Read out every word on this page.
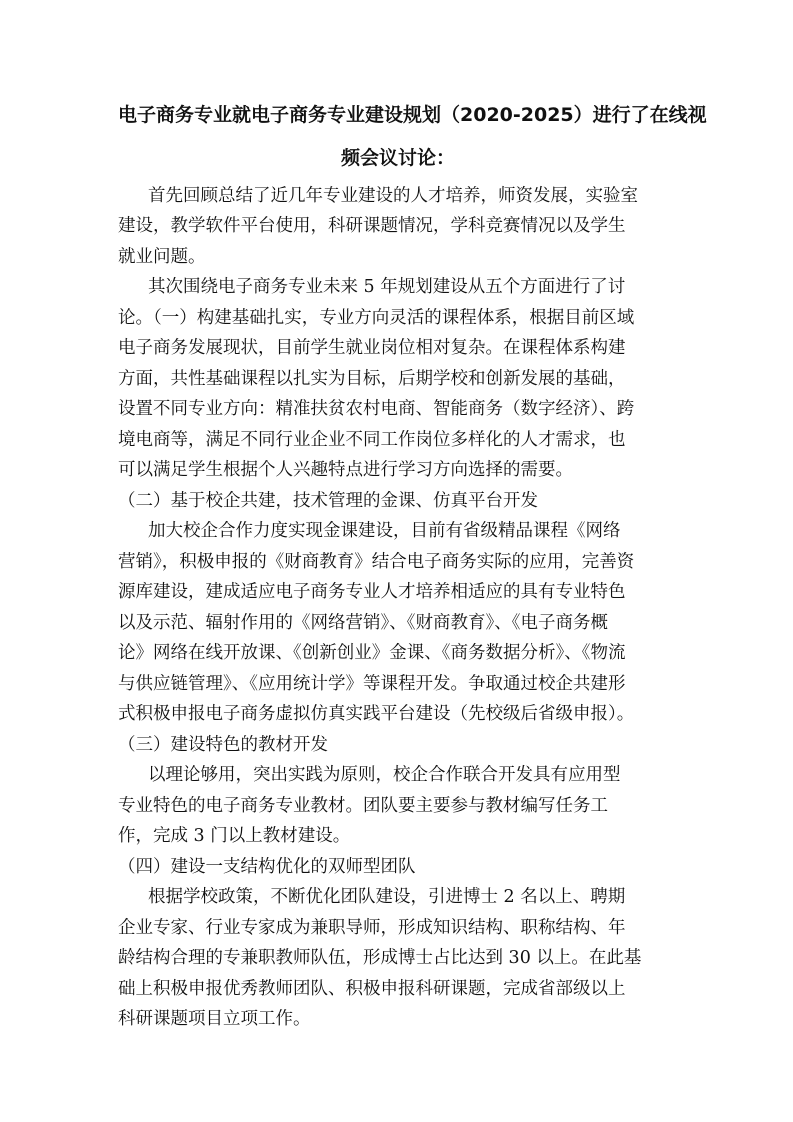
电子商务专业就电子商务专业建设规划（2020-2025）进行了在线视
频会议讨论：

首先回顾总结了近几年专业建设的人才培养，师资发展，实验室

建设，教学软件平台使用，科研课题情况，学科竞赛情况以及学生

就业问题。

其次围绕电子商务专业未来 5 年规划建设从五个方面进行了讨

论。（一）构建基础扎实，专业方向灵活的课程体系，根据目前区域

电子商务发展现状，目前学生就业岗位相对复杂。在课程体系构建

方面，共性基础课程以扎实为目标，后期学校和创新发展的基础，

设置不同专业方向：精准扶贫农村电商、智能商务（数字经济）、跨

境电商等，满足不同行业企业不同工作岗位多样化的人才需求，也

可以满足学生根据个人兴趣特点进行学习方向选择的需要。

（二）基于校企共建，技术管理的金课、仿真平台开发

加大校企合作力度实现金课建设，目前有省级精品课程《网络

营销》，积极申报的《财商教育》结合电子商务实际的应用，完善资

源库建设，建成适应电子商务专业人才培养相适应的具有专业特色

以及示范、辐射作用的《网络营销》、《财商教育》、《电子商务概

论》网络在线开放课、《创新创业》金课、《商务数据分析》、《物流

与供应链管理》、《应用统计学》等课程开发。争取通过校企共建形

式积极申报电子商务虚拟仿真实践平台建设（先校级后省级申报）。

（三）建设特色的教材开发

以理论够用，突出实践为原则，校企合作联合开发具有应用型

专业特色的电子商务专业教材。团队要主要参与教材编写任务工

作，完成 3 门以上教材建设。

（四）建设一支结构优化的双师型团队

根据学校政策，不断优化团队建设，引进博士 2 名以上、聘期

企业专家、行业专家成为兼职导师，形成知识结构、职称结构、年

龄结构合理的专兼职教师队伍，形成博士占比达到 30 以上。在此基

础上积极申报优秀教师团队、积极申报科研课题，完成省部级以上

科研课题项目立项工作。
